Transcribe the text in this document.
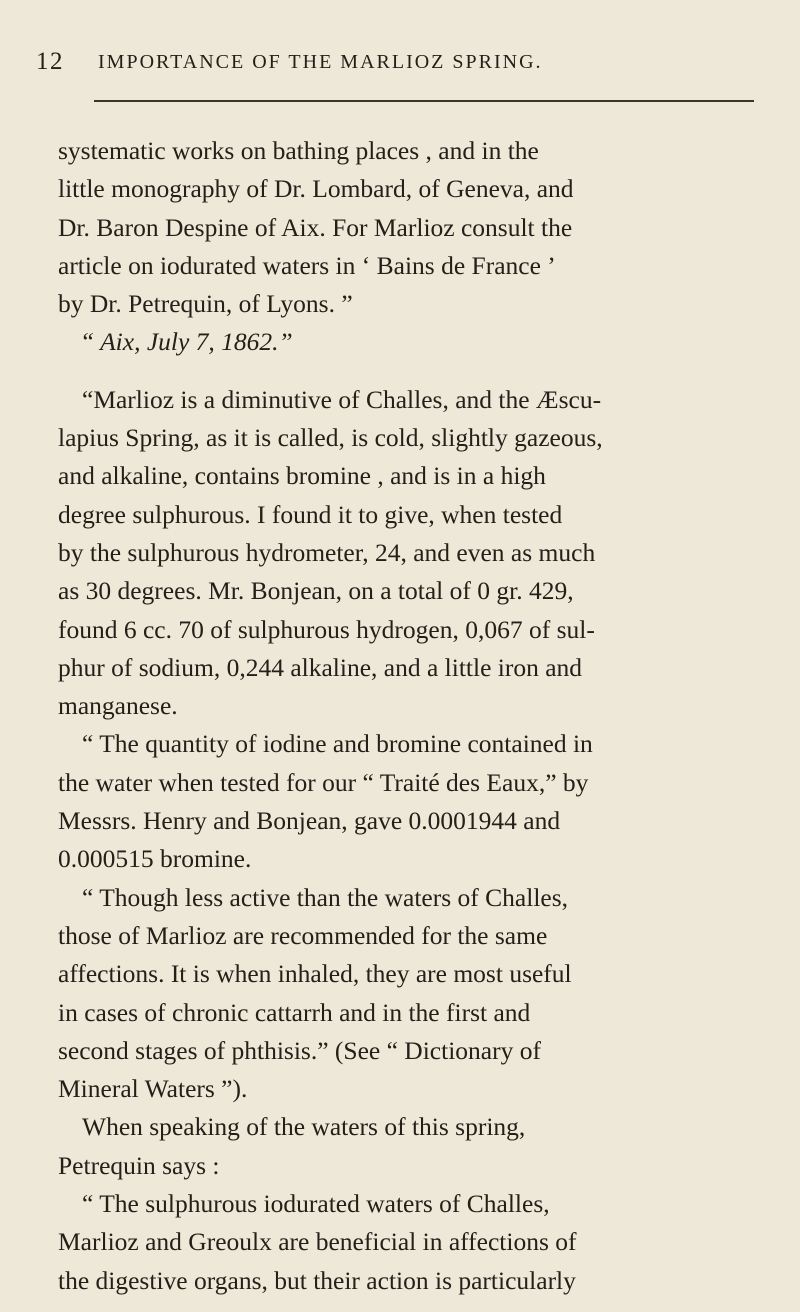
12 IMPORTANCE OF THE MARLIOZ SPRING.
systematic works on bathing places , and in the
little monography of Dr. Lombard, of Geneva, and
Dr. Baron Despine of Aix. For Marlioz consult the
article on iodurated waters in ‘ Bains de France ’
by Dr. Petrequin, of Lyons. ”
“ Aix, July 7, 1862.”
“Marlioz is a diminutive of Challes, and the Æscu-
lapius Spring, as it is called, is cold, slightly gazeous,
and alkaline, contains bromine , and is in a high
degree sulphurous. I found it to give, when tested
by the sulphurous hydrometer, 24, and even as much
as 30 degrees. Mr. Bonjean, on a total of 0 gr. 429,
found 6 cc. 70 of sulphurous hydrogen, 0,067 of sul-
phur of sodium, 0,244 alkaline, and a little iron and
manganese.
“ The quantity of iodine and bromine contained in
the water when tested for our “ Traité des Eaux,” by
Messrs. Henry and Bonjean, gave 0.0001944 and
0.000515 bromine.
“ Though less active than the waters of Challes,
those of Marlioz are recommended for the same
affections. It is when inhaled, they are most useful
in cases of chronic cattarrh and in the first and
second stages of phthisis.” (See “ Dictionary of
Mineral Waters ”).
When speaking of the waters of this spring,
Petrequin says :
“ The sulphurous iodurated waters of Challes,
Marlioz and Greoulx are beneficial in affections of
the digestive organs, but their action is particularly
